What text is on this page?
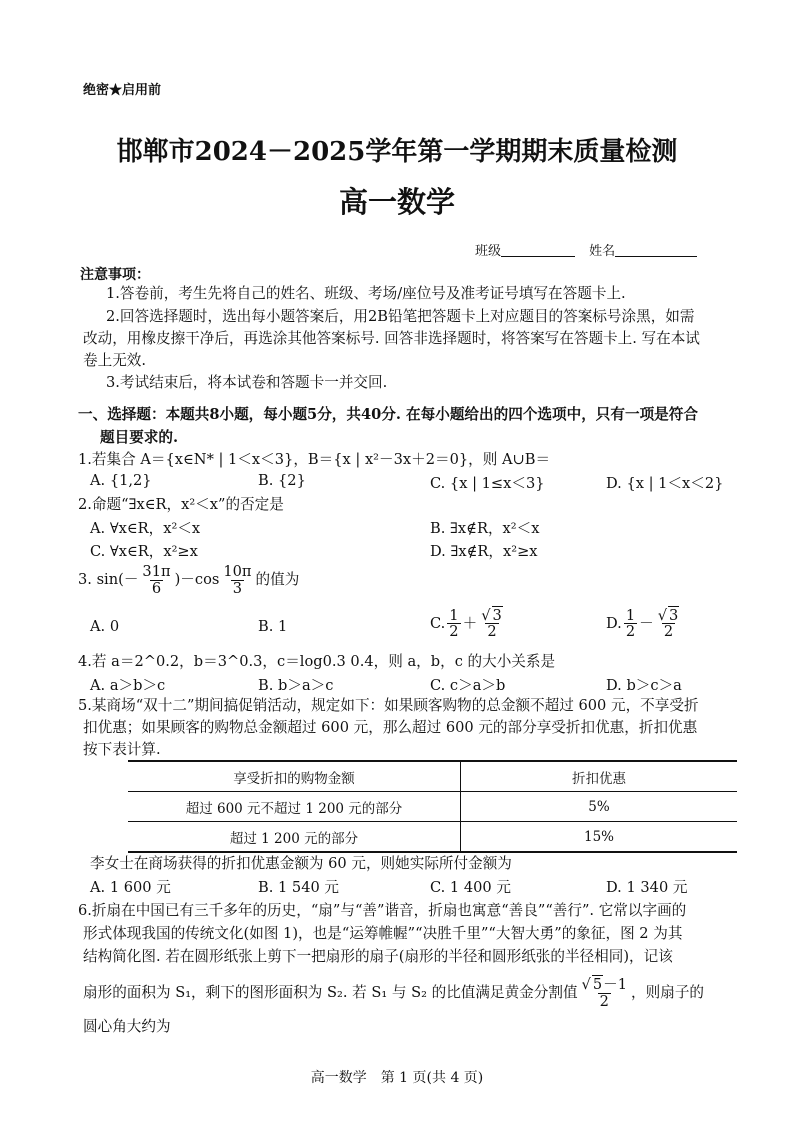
绝密★启用前
邯郸市2024－2025学年第一学期期末质量检测
高一数学
班级	姓名
注意事项：
1.答卷前，考生先将自己的姓名、班级、考场/座位号及准考证号填写在答题卡上.
2.回答选择题时，选出每小题答案后，用2B铅笔把答题卡上对应题目的答案标号涂黑，如需
改动，用橡皮擦干净后，再选涂其他答案标号. 回答非选择题时，将答案写在答题卡上. 写在本试
卷上无效.
3.考试结束后，将本试卷和答题卡一并交回.
一、选择题：本题共8小题，每小题5分，共40分. 在每小题给出的四个选项中，只有一项是符合
题目要求的.
1.若集合 A＝{x∈N* | 1＜x＜3}，B＝{x | x²－3x＋2＝0}，则 A∪B＝
A. {1,2}	B. {2}	C. {x | 1≤x＜3}	D. {x | 1＜x＜2}
2.命题“∃x∈R，x²＜x”的否定是
A. ∀x∈R，x²＜x	B. ∃x∉R，x²＜x
C. ∀x∈R，x²≥x	D. ∃x∉R，x²≥x
3. $\sin(- \frac{31\pi}{6} )-\cos \frac{10\pi}{3}$ 的值为
A. 0	B. 1	C. $\frac{1}{2} + \frac{√ 3}{2}$	D. $\frac{1}{2} - \frac{√ 3}{2}$
4.若 a＝2^0.2，b＝3^0.3，c＝log0.3 0.4，则 a，b，c 的大小关系是
A. a＞b＞c	B. b＞a＞c	C. c＞a＞b	D. b＞c＞a
5.某商场“双十二”期间搞促销活动，规定如下：如果顾客购物的总金额不超过 600 元，不享受折
扣优惠；如果顾客的购物总金额超过 600 元，那么超过 600 元的部分享受折扣优惠，折扣优惠
按下表计算.
享受折扣的购物金额	折扣优惠
超过 600 元不超过 1 200 元的部分	5%
超过 1 200 元的部分	15%
李女士在商场获得的折扣优惠金额为 60 元，则她实际所付金额为
A. 1 600 元	B. 1 540 元	C. 1 400 元	D. 1 340 元
6.折扇在中国已有三千多年的历史，“扇”与“善”谐音，折扇也寓意“善良”“善行”. 它常以字画的
形式体现我国的传统文化(如图 1)，也是“运筹帷幄”“决胜千里”“大智大勇”的象征，图 2 为其
结构简化图. 若在圆形纸张上剪下一把扇形的扇子(扇形的半径和圆形纸张的半径相同)，记该
扇形的面积为 S₁，剩下的图形面积为 S₂. 若 S₁ 与 S₂ 的比值满足黄金分割值 $\frac{√ 5-1}{2}$ ，则扇子的
圆心角大约为
高一数学　第 1 页(共 4 页)
